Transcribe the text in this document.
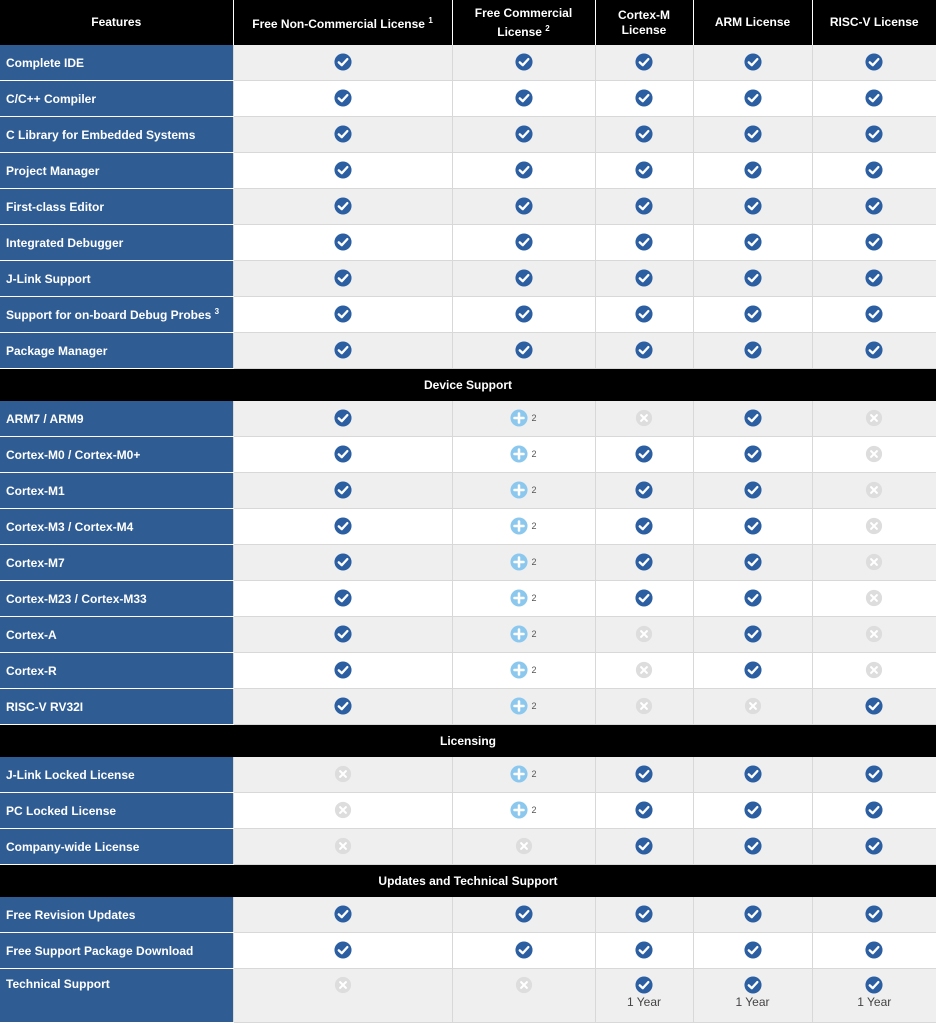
Features	Free Non-Commercial License $^1$	Free Commercial License $^2$	Cortex-M License	ARM License	RISC-V License
Complete IDE					
C/C++ Compiler					
C Library for Embedded Systems					
Project Manager					
First-class Editor					
Integrated Debugger					
J-Link Support					
Support for on-board Debug Probes $^3$					
Package Manager					
Device Support					
ARM7 / ARM9		2			
Cortex-M0 / Cortex-M0+		2			
Cortex-M1		2			
Cortex-M3 / Cortex-M4		2			
Cortex-M7		2			
Cortex-M23 / Cortex-M33		2			
Cortex-A		2			
Cortex-R		2			
RISC-V RV32I		2			
Licensing					
J-Link Locked License		2			
PC Locked License		2			
Company-wide License					
Updates and Technical Support					
Free Revision Updates					
Free Support Package Download					
Technical Support			1 Year	1 Year	1 Year
